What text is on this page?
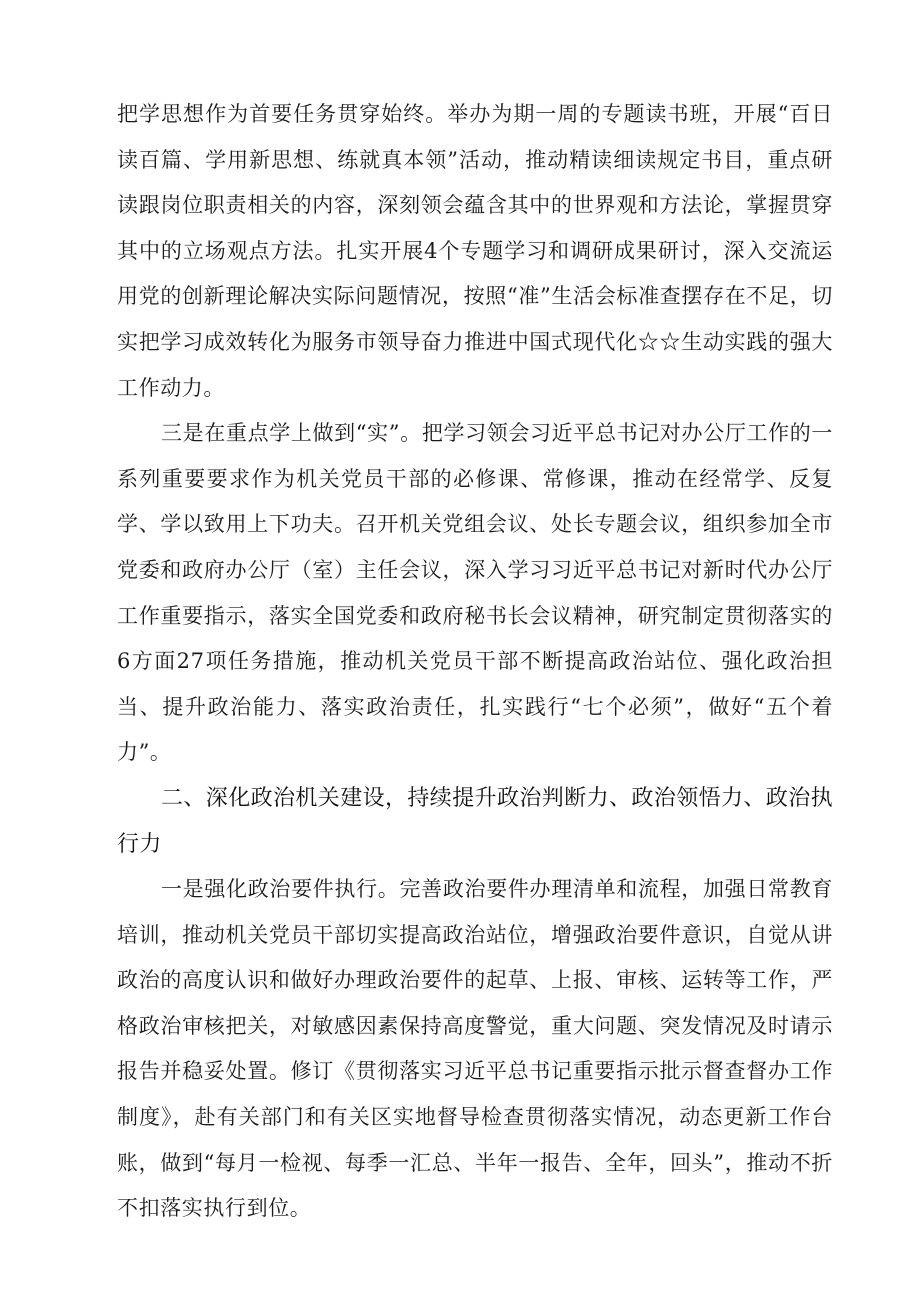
把学思想作为首要任务贯穿始终。举办为期一周的专题读书班，开展“百日读百篇、学用新思想、练就真本领”活动，推动精读细读规定书目，重点研读跟岗位职责相关的内容，深刻领会蕴含其中的世界观和方法论，掌握贯穿其中的立场观点方法。扎实开展4个专题学习和调研成果研讨，深入交流运用党的创新理论解决实际问题情况，按照“准”生活会标准查摆存在不足，切实把学习成效转化为服务市领导奋力推进中国式现代化☆☆生动实践的强大工作动力。

三是在重点学上做到“实”。把学习领会习近平总书记对办公厅工作的一系列重要要求作为机关党员干部的必修课、常修课，推动在经常学、反复学、学以致用上下功夫。召开机关党组会议、处长专题会议，组织参加全市党委和政府办公厅（室）主任会议，深入学习习近平总书记对新时代办公厅工作重要指示，落实全国党委和政府秘书长会议精神，研究制定贯彻落实的6方面27项任务措施，推动机关党员干部不断提高政治站位、强化政治担当、提升政治能力、落实政治责任，扎实践行“七个必须”，做好“五个着力”。

二、深化政治机关建设，持续提升政治判断力、政治领悟力、政治执行力

一是强化政治要件执行。完善政治要件办理清单和流程，加强日常教育培训，推动机关党员干部切实提高政治站位，增强政治要件意识，自觉从讲政治的高度认识和做好办理政治要件的起草、上报、审核、运转等工作，严格政治审核把关，对敏感因素保持高度警觉，重大问题、突发情况及时请示报告并稳妥处置。修订《贯彻落实习近平总书记重要指示批示督查督办工作制度》，赴有关部门和有关区实地督导检查贯彻落实情况，动态更新工作台账，做到“每月一检视、每季一汇总、半年一报告、全年，回头”，推动不折不扣落实执行到位。
